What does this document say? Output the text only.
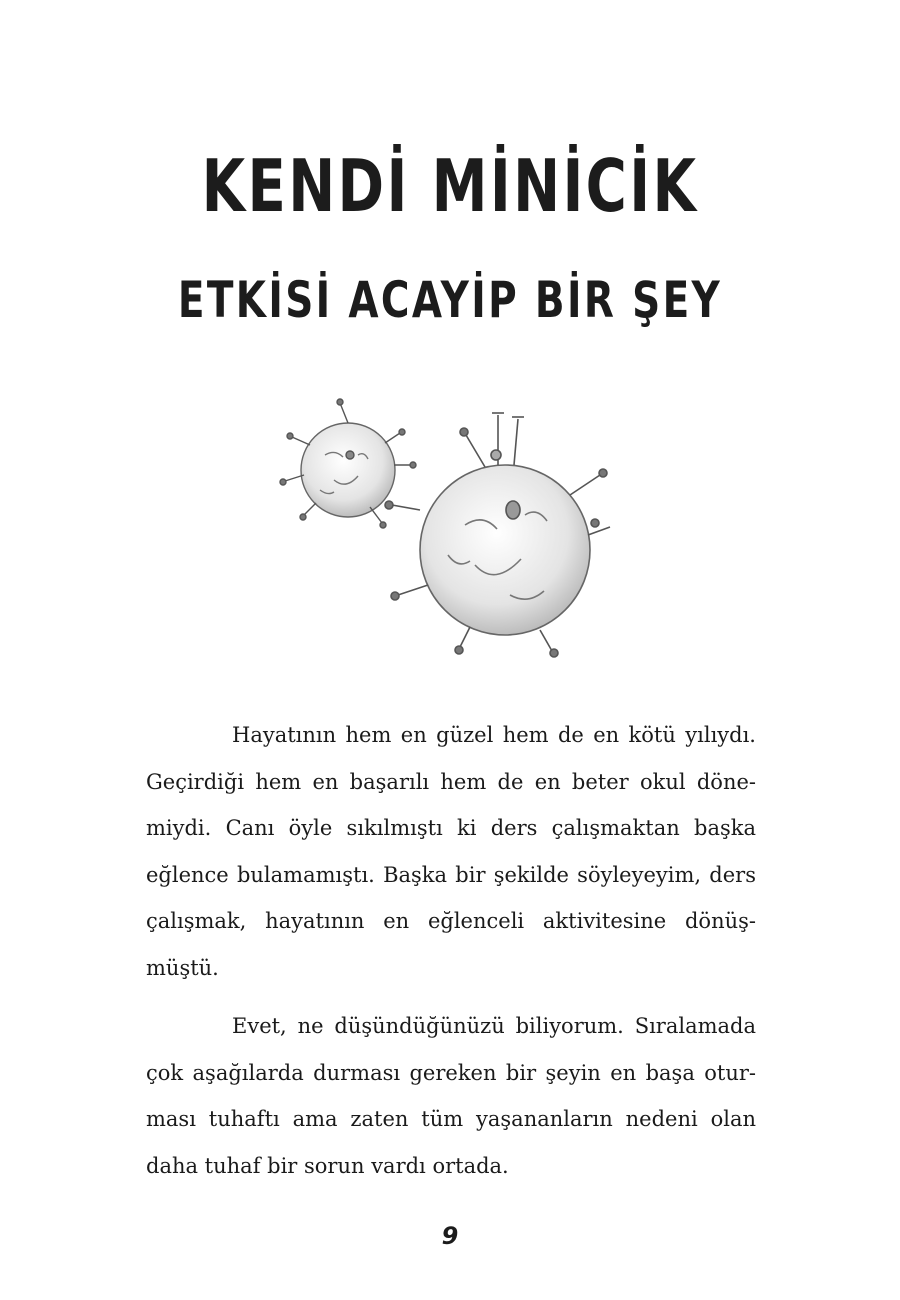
KENDİ MİNİCİK
ETKİSİ ACAYİP BİR ŞEY

Hayatının hem en güzel hem de en kötü yılıydı.
Geçirdiği hem en başarılı hem de en beter okul döne-
miydi. Canı öyle sıkılmıştı ki ders çalışmaktan başka
eğlence bulamamıştı. Başka bir şekilde söyleyeyim, ders
çalışmak, hayatının en eğlenceli aktivitesine dönüş-
müştü.

Evet, ne düşündüğünüzü biliyorum. Sıralamada
çok aşağılarda durması gereken bir şeyin en başa otur-
ması tuhaftı ama zaten tüm yaşananların nedeni olan
daha tuhaf bir sorun vardı ortada.

9
